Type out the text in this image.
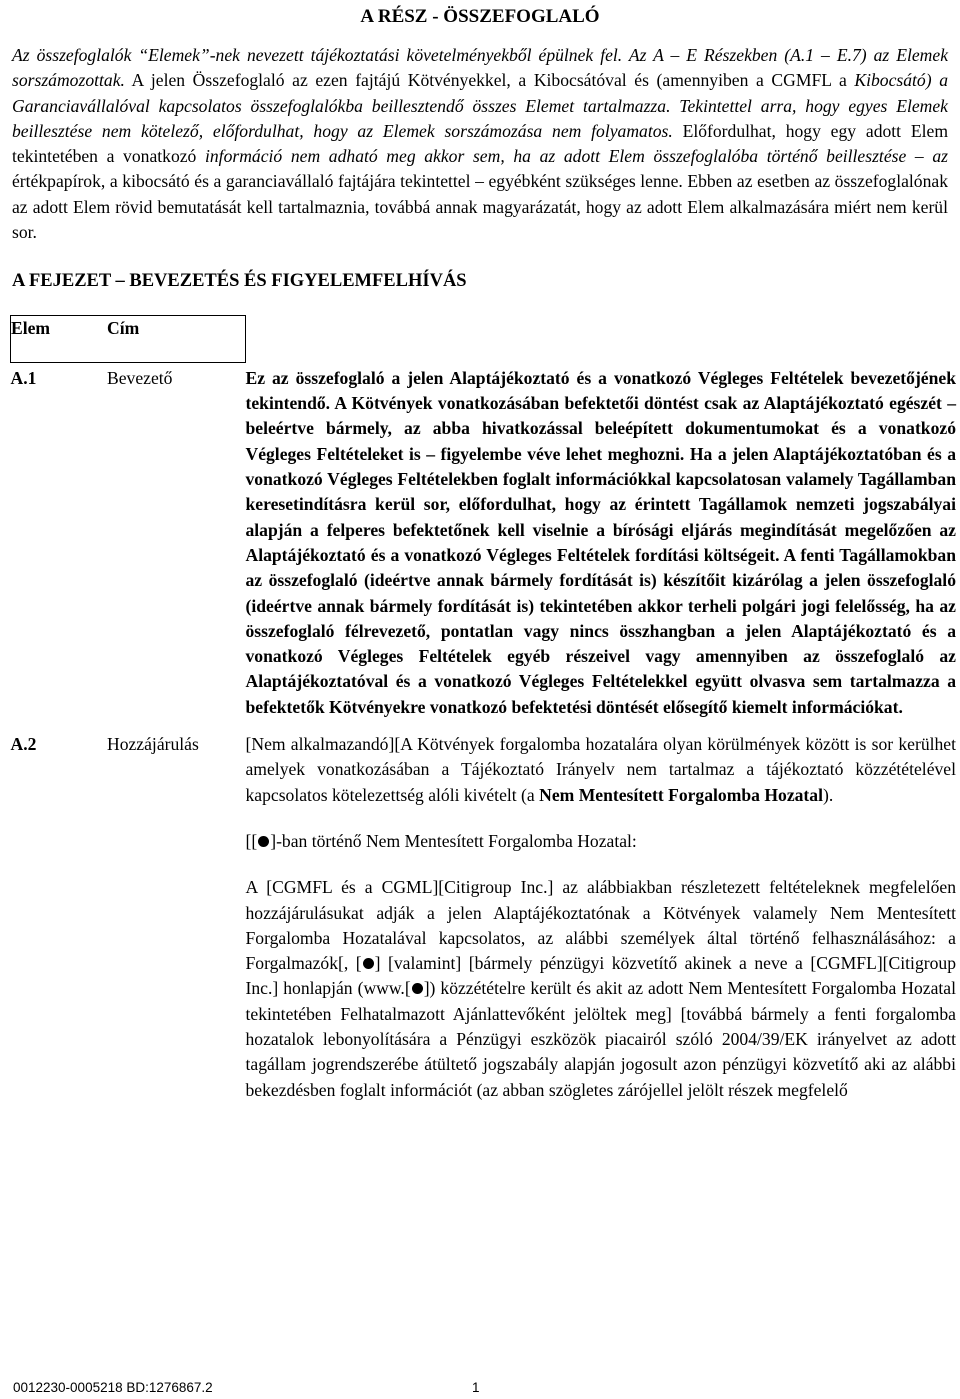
A RÉSZ - ÖSSZEFOGLALÓ
Az összefoglalók “Elemek”-nek nevezett tájékoztatási követelményekből épülnek fel. Az A – E Részekben (A.1 – E.7) az Elemek sorszámozottak. A jelen Összefoglaló az ezen fajtájú Kötvényekkel, a Kibocsátóval és (amennyiben a CGMFL a Kibocsátó) a Garanciavállalóval kapcsolatos összefoglalókba beillesztendő összes Elemet tartalmazza. Tekintettel arra, hogy egyes Elemek beillesztése nem kötelező, előfordulhat, hogy az Elemek sorszámozása nem folyamatos. Előfordulhat, hogy egy adott Elem tekintetében a vonatkozó információ nem adható meg akkor sem, ha az adott Elem összefoglalóba történő beillesztése – az értékpapírok, a kibocsátó és a garanciavállaló fajtájára tekintettel – egyébként szükséges lenne. Ebben az esetben az összefoglalónak az adott Elem rövid bemutatását kell tartalmaznia, továbbá annak magyarázatát, hogy az adott Elem alkalmazására miért nem kerül sor.
A FEJEZET – BEVEZETÉS ÉS FIGYELEMFELHÍVÁS
Elem	Cím	
A.1	Bevezető	Ez az összefoglaló a jelen Alaptájékoztató és a vonatkozó Végleges Feltételek bevezetőjének tekintendő. A Kötvények vonatkozásában befektetői döntést csak az Alaptájékoztató egészét – beleértve bármely, az abba hivatkozással beleépített dokumentumokat és a vonatkozó Végleges Feltételeket is – figyelembe véve lehet meghozni. Ha a jelen Alaptájékoztatóban és a vonatkozó Végleges Feltételekben foglalt információkkal kapcsolatosan valamely Tagállamban keresetindításra kerül sor, előfordulhat, hogy az érintett Tagállamok nemzeti jogszabályai alapján a felperes befektetőnek kell viselnie a bírósági eljárás megindítását megelőzően az Alaptájékoztató és a vonatkozó Végleges Feltételek fordítási költségeit. A fenti Tagállamokban az összefoglaló (ideértve annak bármely fordítását is) készítőit kizárólag a jelen összefoglaló (ideértve annak bármely fordítását is) tekintetében akkor terheli polgári jogi felelősség, ha az összefoglaló félrevezető, pontatlan vagy nincs összhangban a jelen Alaptájékoztató és a vonatkozó Végleges Feltételek egyéb részeivel vagy amennyiben az összefoglaló az Alaptájékoztatóval és a vonatkozó Végleges Feltételekkel együtt olvasva sem tartalmazza a befektetők Kötvényekre vonatkozó befektetési döntését elősegítő kiemelt információkat.
A.2	Hozzájárulás	[Nem alkalmazandó][A Kötvények forgalomba hozatalára olyan körülmények között is sor kerülhet amelyek vonatkozásában a Tájékoztató Irányelv nem tartalmaz a tájékoztató közzétételével kapcsolatos kötelezettség alóli kivételt (a Nem Mentesített Forgalomba Hozatal).
[[ ]-ban történő Nem Mentesített Forgalomba Hozatal:
A [CGMFL és a CGML][Citigroup Inc.] az alábbiakban részletezett feltételeknek megfelelően hozzájárulásukat adják a jelen Alaptájékoztatónak a Kötvények valamely Nem Mentesített Forgalomba Hozatalával kapcsolatos, az alábbi személyek által történő felhasználásához: a Forgalmazók[, [ ] [valamint] [bármely pénzügyi közvetítő akinek a neve a [CGMFL][Citigroup Inc.] honlapján (www.[ ]) közzétételre került és akit az adott Nem Mentesített Forgalomba Hozatal tekintetében Felhatalmazott Ajánlattevőként jelöltek meg] [továbbá bármely a fenti forgalomba hozatalok lebonyolítására a Pénzügyi eszközök piacairól szóló 2004/39/EK irányelvet az adott tagállam jogrendszerébe átültető jogszabály alapján jogosult azon pénzügyi közvetítő aki az alábbi bekezdésben foglalt információt (az abban szögletes zárójellel jelölt részek megfelelő
0012230-0005218 BD:1276867.2	1
